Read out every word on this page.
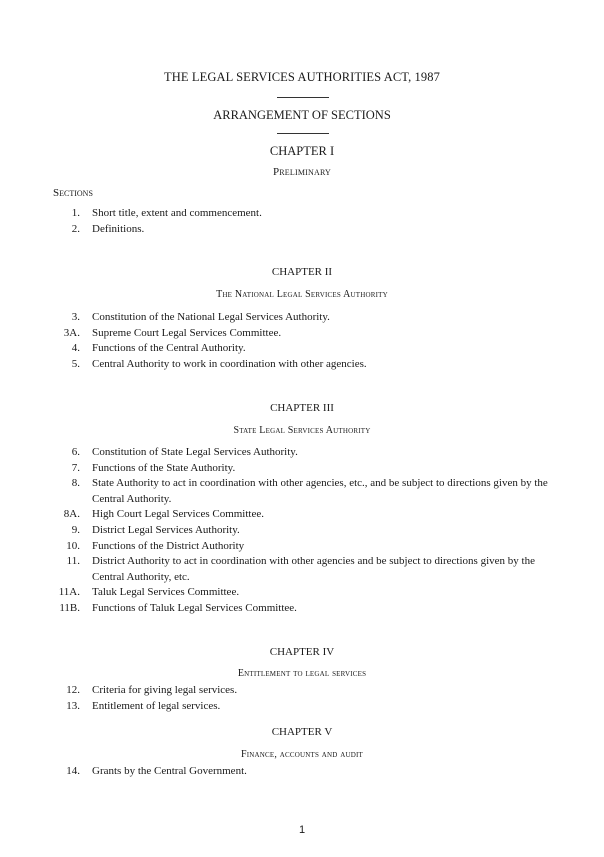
THE LEGAL SERVICES AUTHORITIES ACT, 1987
ARRANGEMENT OF SECTIONS
CHAPTER I
Preliminary
Sections
1. Short title, extent and commencement.
2. Definitions.
CHAPTER II
The National Legal Services Authority
3. Constitution of the National Legal Services Authority.
3A. Supreme Court Legal Services Committee.
4. Functions of the Central Authority.
5. Central Authority to work in coordination with other agencies.
CHAPTER III
State Legal Services Authority
6. Constitution of State Legal Services Authority.
7. Functions of the State Authority.
8. State Authority to act in coordination with other agencies, etc., and be subject to directions given by the Central Authority.
8A. High Court Legal Services Committee.
9. District Legal Services Authority.
10. Functions of the District Authority
11. District Authority to act in coordination with other agencies and be subject to directions given by the Central Authority, etc.
11A. Taluk Legal Services Committee.
11B. Functions of Taluk Legal Services Committee.
CHAPTER IV
Entitlement to legal services
12. Criteria for giving legal services.
13. Entitlement of legal services.
CHAPTER V
Finance, accounts and audit
14. Grants by the Central Government.
1
